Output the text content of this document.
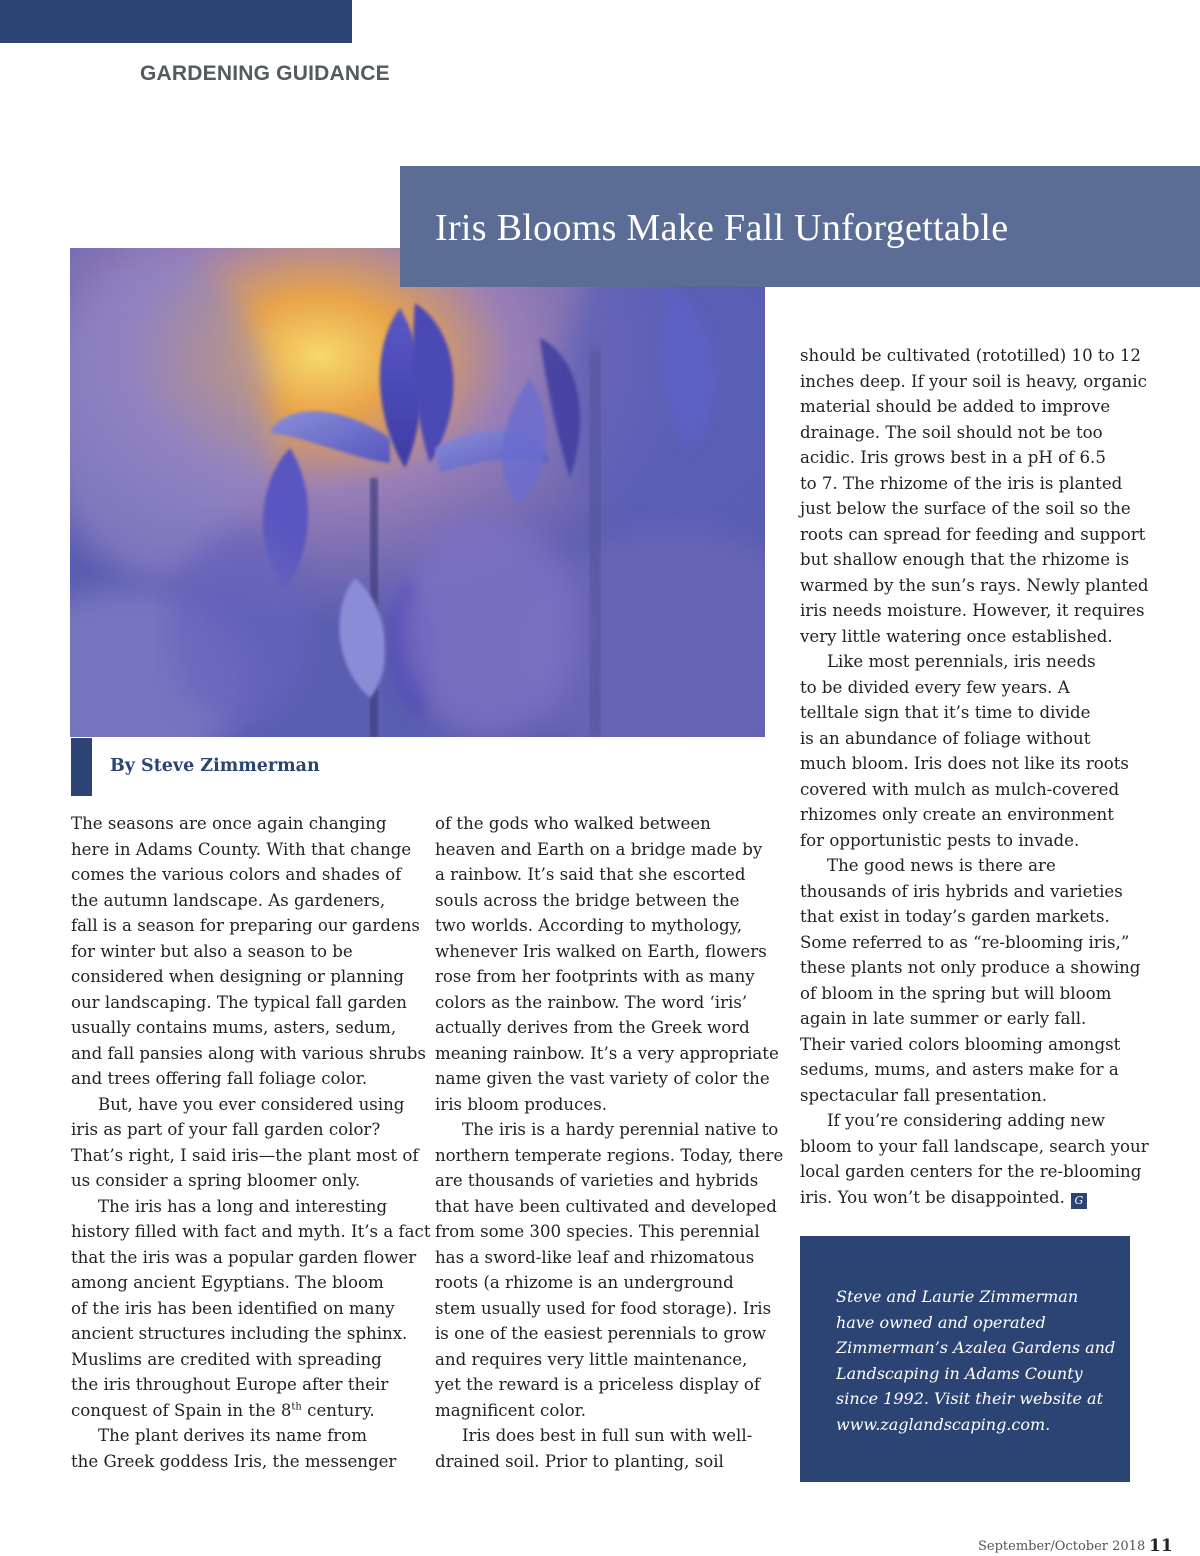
GARDENING GUIDANCE
Iris Blooms Make Fall Unforgettable
By Steve Zimmerman
The seasons are once again changing
here in Adams County. With that change
comes the various colors and shades of
the autumn landscape. As gardeners,
fall is a season for preparing our gardens
for winter but also a season to be
considered when designing or planning
our landscaping. The typical fall garden
usually contains mums, asters, sedum,
and fall pansies along with various shrubs
and trees offering fall foliage color.
But, have you ever considered using
iris as part of your fall garden color?
That’s right, I said iris—the plant most of
us consider a spring bloomer only.
The iris has a long and interesting
history filled with fact and myth. It’s a fact
that the iris was a popular garden flower
among ancient Egyptians. The bloom
of the iris has been identified on many
ancient structures including the sphinx.
Muslims are credited with spreading
the iris throughout Europe after their
conquest of Spain in the 8th century.
The plant derives its name from
the Greek goddess Iris, the messenger
of the gods who walked between
heaven and Earth on a bridge made by
a rainbow. It’s said that she escorted
souls across the bridge between the
two worlds. According to mythology,
whenever Iris walked on Earth, flowers
rose from her footprints with as many
colors as the rainbow. The word ‘iris’
actually derives from the Greek word
meaning rainbow. It’s a very appropriate
name given the vast variety of color the
iris bloom produces.
The iris is a hardy perennial native to
northern temperate regions. Today, there
are thousands of varieties and hybrids
that have been cultivated and developed
from some 300 species. This perennial
has a sword-like leaf and rhizomatous
roots (a rhizome is an underground
stem usually used for food storage). Iris
is one of the easiest perennials to grow
and requires very little maintenance,
yet the reward is a priceless display of
magnificent color.
Iris does best in full sun with well-
drained soil. Prior to planting, soil
should be cultivated (rototilled) 10 to 12
inches deep. If your soil is heavy, organic
material should be added to improve
drainage. The soil should not be too
acidic. Iris grows best in a pH of 6.5
to 7. The rhizome of the iris is planted
just below the surface of the soil so the
roots can spread for feeding and support
but shallow enough that the rhizome is
warmed by the sun’s rays. Newly planted
iris needs moisture. However, it requires
very little watering once established.
Like most perennials, iris needs
to be divided every few years. A
telltale sign that it’s time to divide
is an abundance of foliage without
much bloom. Iris does not like its roots
covered with mulch as mulch-covered
rhizomes only create an environment
for opportunistic pests to invade.
The good news is there are
thousands of iris hybrids and varieties
that exist in today’s garden markets.
Some referred to as “re-blooming iris,”
these plants not only produce a showing
of bloom in the spring but will bloom
again in late summer or early fall.
Their varied colors blooming amongst
sedums, mums, and asters make for a
spectacular fall presentation.
If you’re considering adding new
bloom to your fall landscape, search your
local garden centers for the re-blooming
iris. You won’t be disappointed. G
Steve and Laurie Zimmerman
have owned and operated
Zimmerman’s Azalea Gardens and
Landscaping in Adams County
since 1992. Visit their website at
www.zaglandscaping.com.
September/October 2018 11
